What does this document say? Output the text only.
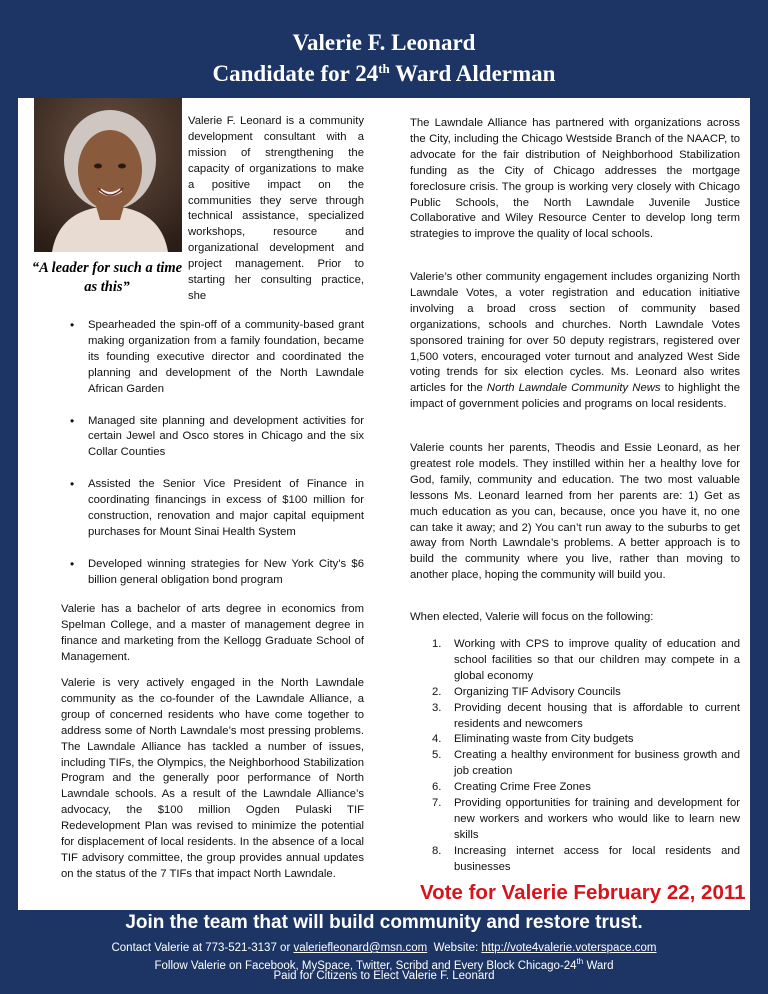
Valerie F. Leonard
Candidate for 24th Ward Alderman
“A leader for such a time as this”

Valerie F. Leonard is a community development consultant with a mission of strengthening the capacity of organizations to make a positive impact on the communities they serve through technical assistance, specialized workshops, resource and organizational development and project management. Prior to starting her consulting practice, she

• Spearheaded the spin-off of a community-based grant making organization from a family foundation, became its founding executive director and coordinated the planning and development of the North Lawndale African Garden
• Managed site planning and development activities for certain Jewel and Osco stores in Chicago and the six Collar Counties
• Assisted the Senior Vice President of Finance in coordinating financings in excess of $100 million for construction, renovation and major capital equipment purchases for Mount Sinai Health System
• Developed winning strategies for New York City's $6 billion general obligation bond program

Valerie has a bachelor of arts degree in economics from Spelman College, and a master of management degree in finance and marketing from the Kellogg Graduate School of Management.

Valerie is very actively engaged in the North Lawndale community as the co-founder of the Lawndale Alliance, a group of concerned residents who have come together to address some of North Lawndale’s most pressing problems. The Lawndale Alliance has tackled a number of issues, including TIFs, the Olympics, the Neighborhood Stabilization Program and the generally poor performance of North Lawndale schools. As a result of the Lawndale Alliance’s advocacy, the $100 million Ogden Pulaski TIF Redevelopment Plan was revised to minimize the potential for displacement of local residents. In the absence of a local TIF advisory committee, the group provides annual updates on the status of the 7 TIFs that impact North Lawndale.

The Lawndale Alliance has partnered with organizations across the City, including the Chicago Westside Branch of the NAACP, to advocate for the fair distribution of Neighborhood Stabilization funding as the City of Chicago addresses the mortgage foreclosure crisis. The group is working very closely with Chicago Public Schools, the North Lawndale Juvenile Justice Collaborative and Wiley Resource Center to develop long term strategies to improve the quality of local schools.

Valerie’s other community engagement includes organizing North Lawndale Votes, a voter registration and education initiative involving a broad cross section of community based organizations, schools and churches. North Lawndale Votes sponsored training for over 50 deputy registrars, registered over 1,500 voters, encouraged voter turnout and analyzed West Side voting trends for six election cycles. Ms. Leonard also writes articles for the North Lawndale Community News to highlight the impact of government policies and programs on local residents.

Valerie counts her parents, Theodis and Essie Leonard, as her greatest role models. They instilled within her a healthy love for God, family, community and education. The two most valuable lessons Ms. Leonard learned from her parents are: 1) Get as much education as you can, because, once you have it, no one can take it away; and 2) You can’t run away to the suburbs to get away from North Lawndale’s problems. A better approach is to build the community where you live, rather than moving to another place, hoping the community will build you.

When elected, Valerie will focus on the following:

1.	Working with CPS to improve quality of education and school facilities so that our children may compete in a global economy
2.	Organizing TIF Advisory Councils
3.	Providing decent housing that is affordable to current residents and newcomers
4.	Eliminating waste from City budgets
5.	Creating a healthy environment for business growth and job creation
6.	Creating Crime Free Zones
7.	Providing opportunities for training and development for new workers and workers who would like to learn new skills
8.	Increasing internet access for local residents and businesses
Vote for Valerie February 22, 2011
Join the team that will build community and restore trust.
Contact Valerie at 773-521-3137 or valeriefleonard@msn.com  Website: http://vote4valerie.voterspace.com
Follow Valerie on Facebook, MySpace, Twitter, Scribd and Every Block Chicago-24th Ward
Paid for Citizens to Elect Valerie F. Leonard
